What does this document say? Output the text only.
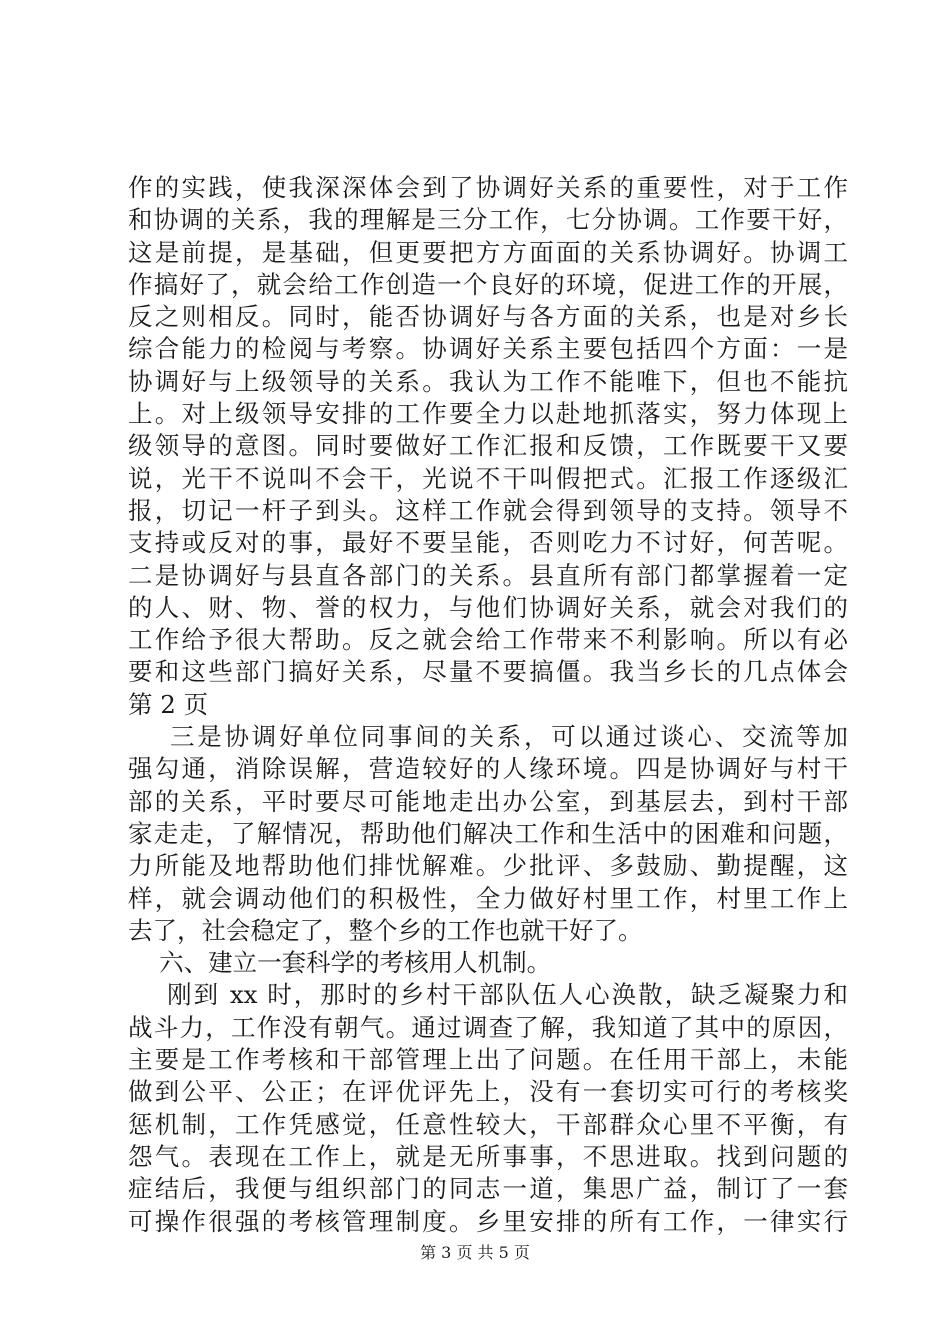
作的实践，使我深深体会到了协调好关系的重要性，对于工作
和协调的关系，我的理解是三分工作，七分协调。工作要干好，
这是前提，是基础，但更要把方方面面的关系协调好。协调工
作搞好了，就会给工作创造一个良好的环境，促进工作的开展，
反之则相反。同时，能否协调好与各方面的关系，也是对乡长
综合能力的检阅与考察。协调好关系主要包括四个方面：一是
协调好与上级领导的关系。我认为工作不能唯下，但也不能抗
上。对上级领导安排的工作要全力以赴地抓落实，努力体现上
级领导的意图。同时要做好工作汇报和反馈，工作既要干又要
说，光干不说叫不会干，光说不干叫假把式。汇报工作逐级汇
报，切记一杆子到头。这样工作就会得到领导的支持。领导不
支持或反对的事，最好不要呈能，否则吃力不讨好，何苦呢。
二是协调好与县直各部门的关系。县直所有部门都掌握着一定
的人、财、物、誉的权力，与他们协调好关系，就会对我们的
工作给予很大帮助。反之就会给工作带来不利影响。所以有必
要和这些部门搞好关系，尽量不要搞僵。我当乡长的几点体会
第 2 页
三是协调好单位同事间的关系，可以通过谈心、交流等加
强勾通，消除误解，营造较好的人缘环境。四是协调好与村干
部的关系，平时要尽可能地走出办公室，到基层去，到村干部
家走走，了解情况，帮助他们解决工作和生活中的困难和问题，
力所能及地帮助他们排忧解难。少批评、多鼓励、勤提醒，这
样，就会调动他们的积极性，全力做好村里工作，村里工作上
去了，社会稳定了，整个乡的工作也就干好了。
六、建立一套科学的考核用人机制。
刚到 xx 时，那时的乡村干部队伍人心涣散，缺乏凝聚力和
战斗力，工作没有朝气。通过调查了解，我知道了其中的原因，
主要是工作考核和干部管理上出了问题。在任用干部上，未能
做到公平、公正；在评优评先上，没有一套切实可行的考核奖
惩机制，工作凭感觉，任意性较大，干部群众心里不平衡，有
怨气。表现在工作上，就是无所事事，不思进取。找到问题的
症结后，我便与组织部门的同志一道，集思广益，制订了一套
可操作很强的考核管理制度。乡里安排的所有工作，一律实行
第 3 页 共 5 页
